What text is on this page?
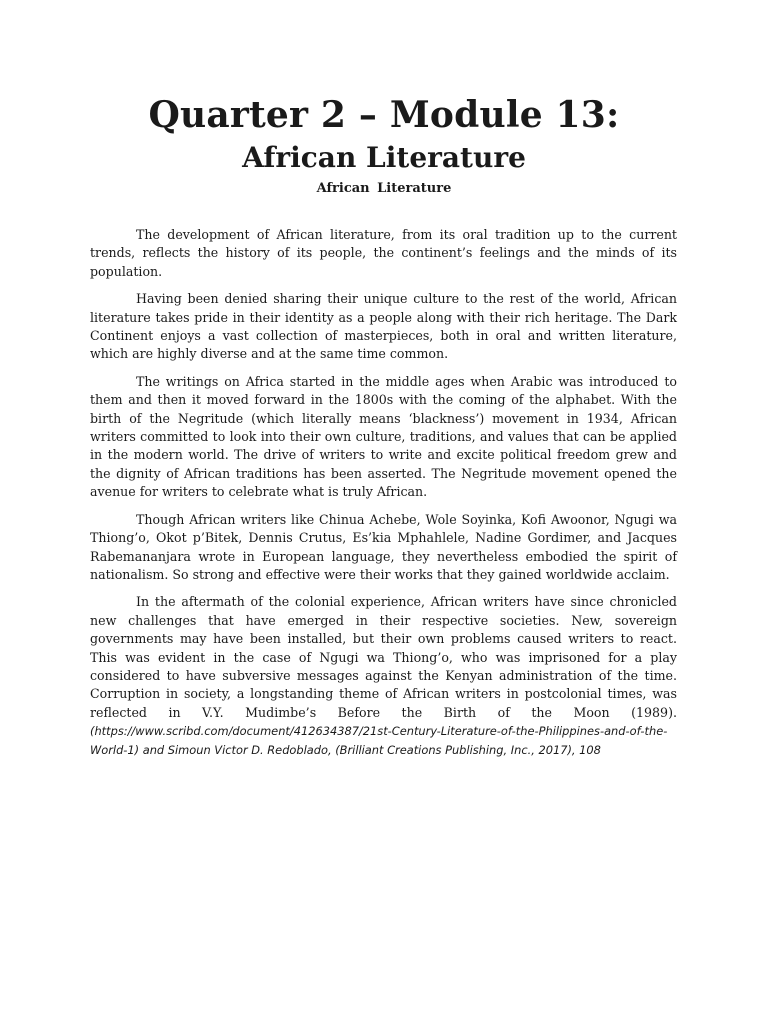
Quarter 2 – Module 13:
African Literature
African Literature

The development of African literature, from its oral tradition up to the current trends, reflects the history of its people, the continent’s feelings and the minds of its population.

Having been denied sharing their unique culture to the rest of the world, African literature takes pride in their identity as a people along with their rich heritage. The Dark Continent enjoys a vast collection of masterpieces, both in oral and written literature, which are highly diverse and at the same time common.

The writings on Africa started in the middle ages when Arabic was introduced to them and then it moved forward in the 1800s with the coming of the alphabet. With the birth of the Negritude (which literally means ‘blackness’) movement in 1934, African writers committed to look into their own culture, traditions, and values that can be applied in the modern world. The drive of writers to write and excite political freedom grew and the dignity of African traditions has been asserted. The Negritude movement opened the avenue for writers to celebrate what is truly African.

Though African writers like Chinua Achebe, Wole Soyinka, Kofi Awoonor, Ngugi wa Thiong’o, Okot p’Bitek, Dennis Crutus, Es’kia Mphahlele, Nadine Gordimer, and Jacques Rabemananjara wrote in European language, they nevertheless embodied the spirit of nationalism. So strong and effective were their works that they gained worldwide acclaim.

In the aftermath of the colonial experience, African writers have since chronicled new challenges that have emerged in their respective societies. New, sovereign governments may have been installed, but their own problems caused writers to react. This was evident in the case of Ngugi wa Thiong’o, who was imprisoned for a play considered to have subversive messages against the Kenyan administration of the time. Corruption in society, a longstanding theme of African writers in postcolonial times, was reflected in V.Y. Mudimbe’s Before the Birth of the Moon (1989). (https://www.scribd.com/document/412634387/21st-Century-Literature-of-the-Philippines-and-of-the-World-1) and Simoun Victor D. Redoblado, (Brilliant Creations Publishing, Inc., 2017), 108
